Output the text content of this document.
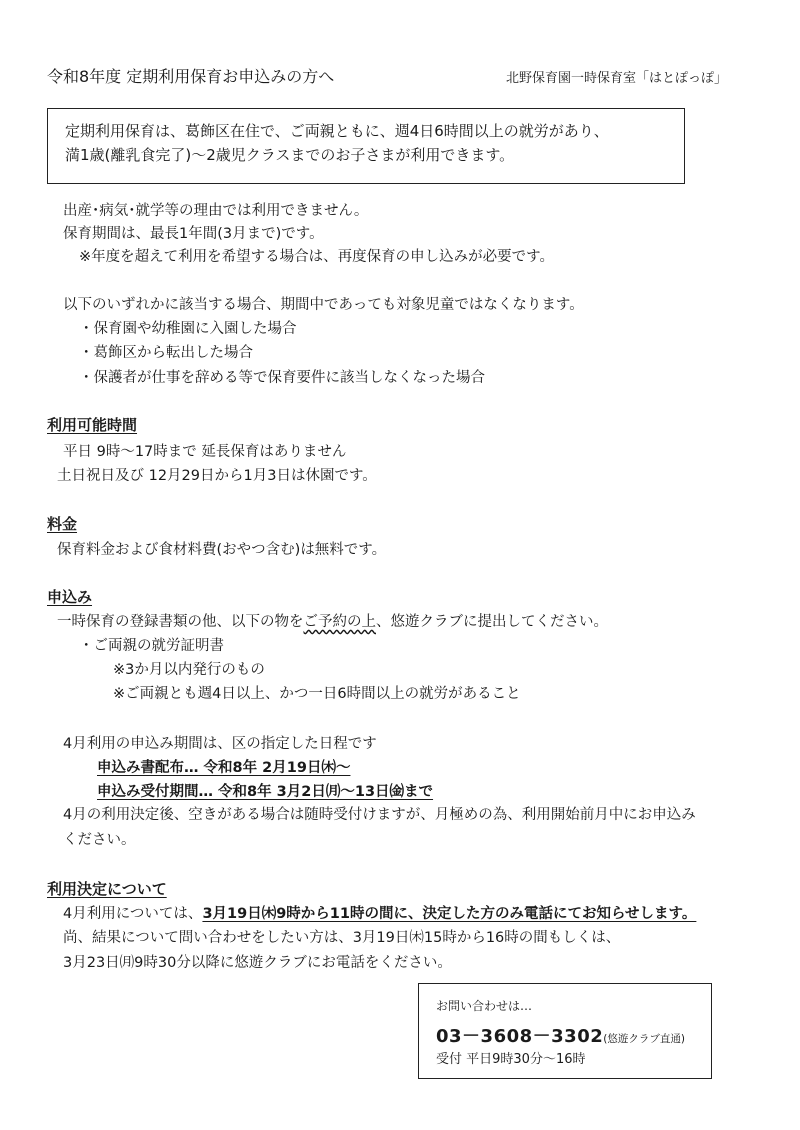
令和8年度 定期利用保育お申込みの方へ	北野保育園一時保育室「はとぽっぽ」
定期利用保育は、葛飾区在住で、ご両親ともに、週4日6時間以上の就労があり、
満1歳(離乳食完了)～2歳児クラスまでのお子さまが利用できます。
出産･病気･就学等の理由では利用できません。
保育期間は、最長1年間(3月まで)です。
※年度を超えて利用を希望する場合は、再度保育の申し込みが必要です。
以下のいずれかに該当する場合、期間中であっても対象児童ではなくなります。
・保育園や幼稚園に入園した場合
・葛飾区から転出した場合
・保護者が仕事を辞める等で保育要件に該当しなくなった場合
利用可能時間
平日 9時～17時まで 延長保育はありません
土日祝日及び 12月29日から1月3日は休園です。
料金
保育料金および食材料費(おやつ含む)は無料です。
申込み
一時保育の登録書類の他、以下の物をご予約の上、悠遊クラブに提出してください。
・ご両親の就労証明書
※3か月以内発行のもの
※ご両親とも週4日以上、かつ一日6時間以上の就労があること
4月利用の申込み期間は、区の指定した日程です
申込み書配布… 令和8年 2月19日㈭～
申込み受付期間… 令和8年 3月2日㈪～13日㈮まで
4月の利用決定後、空きがある場合は随時受付けますが、月極めの為、利用開始前月中にお申込み
ください。
利用決定について
4月利用については、3月19日㈭9時から11時の間に、決定した方のみ電話にてお知らせします。
尚、結果について問い合わせをしたい方は、3月19日㈭15時から16時の間もしくは、
3月23日㈪9時30分以降に悠遊クラブにお電話をください。
お問い合わせは…
03－3608－3302(悠遊クラブ直通)
受付 平日9時30分～16時
